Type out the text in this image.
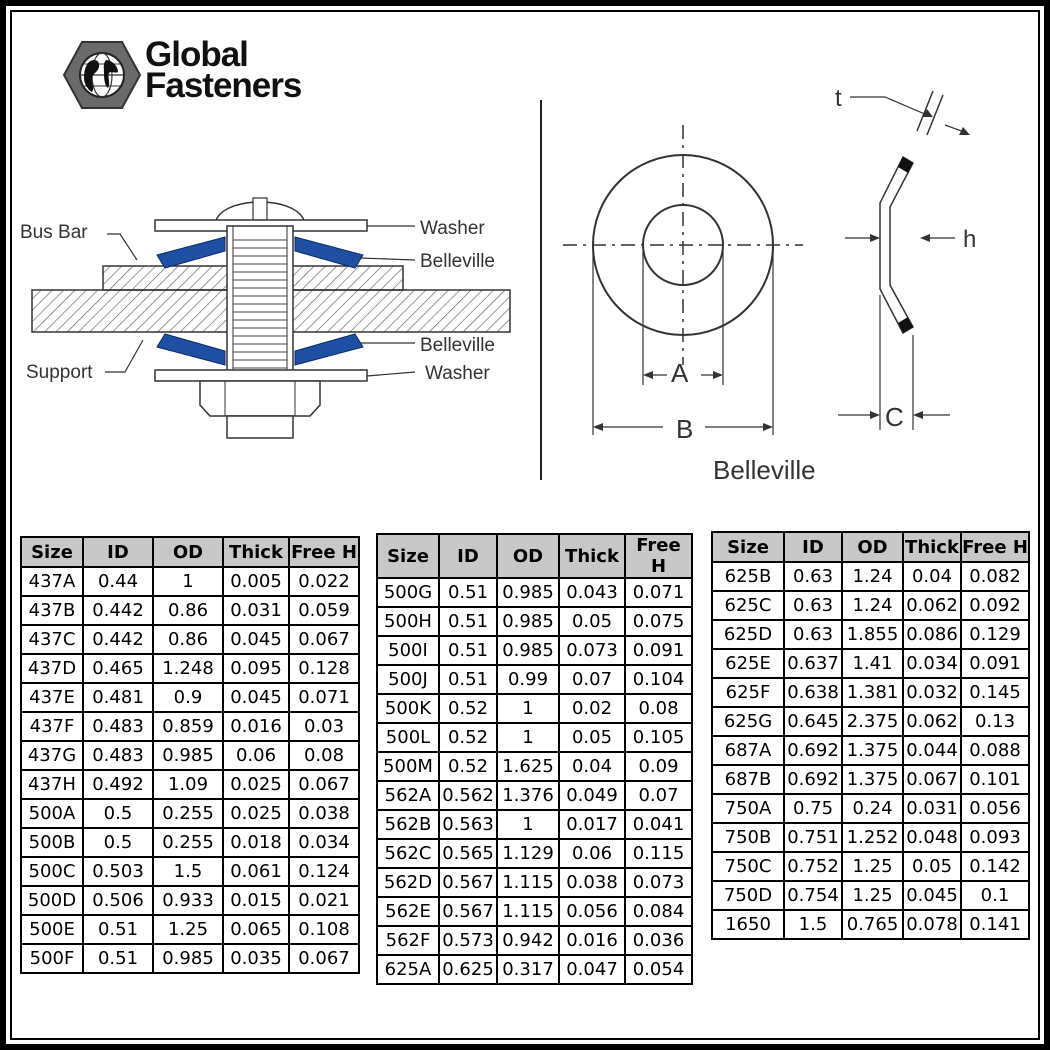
Global
Fasteners
Bus Bar
Support
Washer
Belleville
Belleville
Washer
t
h
A
B	C
Belleville
Size	ID	OD	Thick	Free H
437A	0.44	1	0.005	0.022
437B	0.442	0.86	0.031	0.059
437C	0.442	0.86	0.045	0.067
437D	0.465	1.248	0.095	0.128
437E	0.481	0.9	0.045	0.071
437F	0.483	0.859	0.016	0.03
437G	0.483	0.985	0.06	0.08
437H	0.492	1.09	0.025	0.067
500A	0.5	0.255	0.025	0.038
500B	0.5	0.255	0.018	0.034
500C	0.503	1.5	0.061	0.124
500D	0.506	0.933	0.015	0.021
500E	0.51	1.25	0.065	0.108
500F	0.51	0.985	0.035	0.067
Size	ID	OD	Thick	Free H
500G	0.51	0.985	0.043	0.071
500H	0.51	0.985	0.05	0.075
500I	0.51	0.985	0.073	0.091
500J	0.51	0.99	0.07	0.104
500K	0.52	1	0.02	0.08
500L	0.52	1	0.05	0.105
500M	0.52	1.625	0.04	0.09
562A	0.562	1.376	0.049	0.07
562B	0.563	1	0.017	0.041
562C	0.565	1.129	0.06	0.115
562D	0.567	1.115	0.038	0.073
562E	0.567	1.115	0.056	0.084
562F	0.573	0.942	0.016	0.036
625A	0.625	0.317	0.047	0.054
Size	ID	OD	Thick	Free H
625B	0.63	1.24	0.04	0.082
625C	0.63	1.24	0.062	0.092
625D	0.63	1.855	0.086	0.129
625E	0.637	1.41	0.034	0.091
625F	0.638	1.381	0.032	0.145
625G	0.645	2.375	0.062	0.13
687A	0.692	1.375	0.044	0.088
687B	0.692	1.375	0.067	0.101
750A	0.75	0.24	0.031	0.056
750B	0.751	1.252	0.048	0.093
750C	0.752	1.25	0.05	0.142
750D	0.754	1.25	0.045	0.1
1650	1.5	0.765	0.078	0.141
